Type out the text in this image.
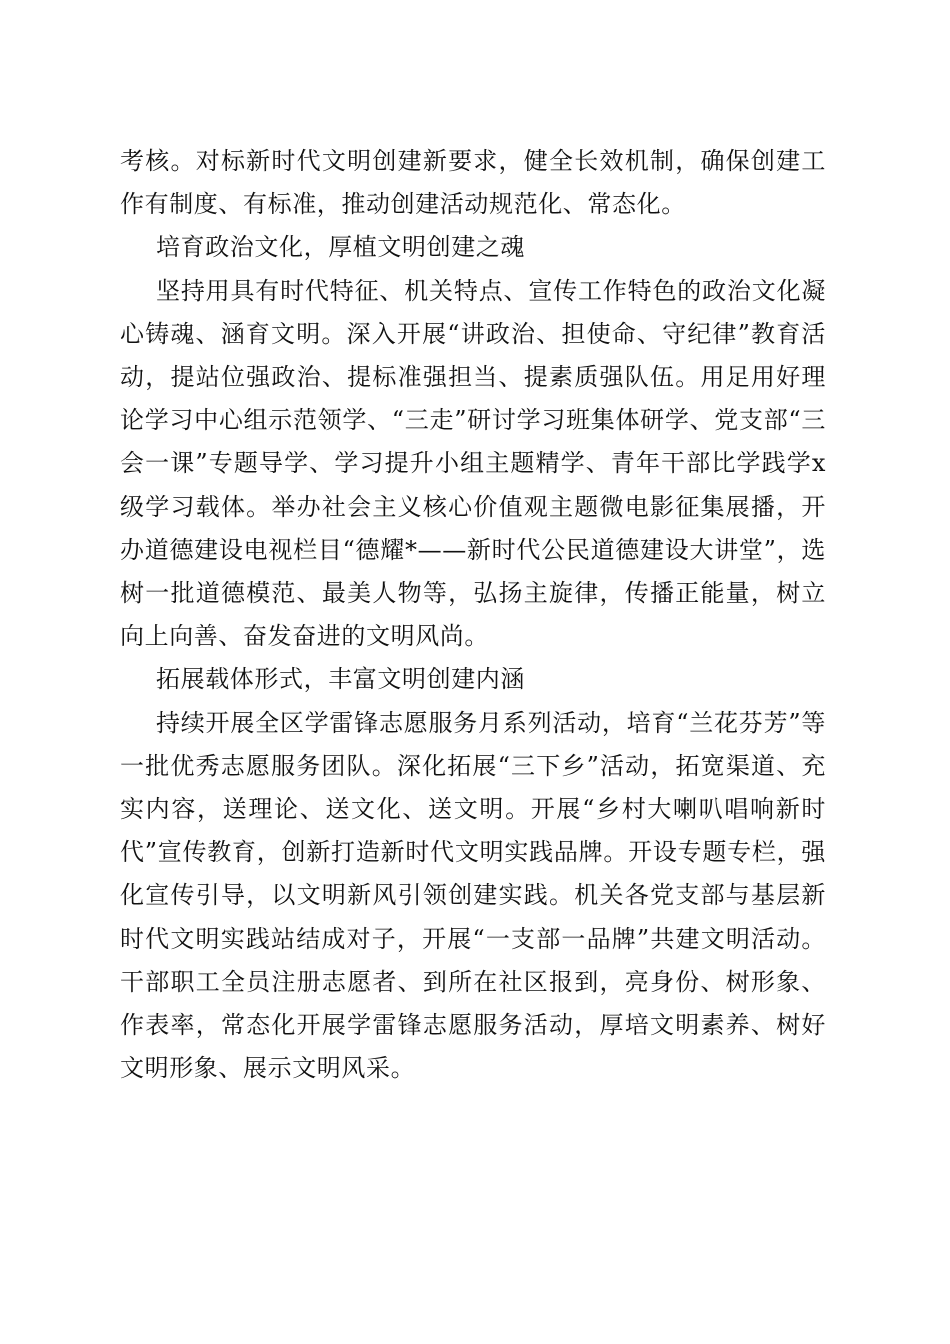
考核。对标新时代文明创建新要求，健全长效机制，确保创建工作有制度、有标准，推动创建活动规范化、常态化。

培育政治文化，厚植文明创建之魂

坚持用具有时代特征、机关特点、宣传工作特色的政治文化凝心铸魂、涵育文明。深入开展“讲政治、担使命、守纪律”教育活动，提站位强政治、提标准强担当、提素质强队伍。用足用好理论学习中心组示范领学、“三走”研讨学习班集体研学、党支部“三会一课”专题导学、学习提升小组主题精学、青年干部比学践学x级学习载体。举办社会主义核心价值观主题微电影征集展播，开办道德建设电视栏目“德耀*——新时代公民道德建设大讲堂”，选树一批道德模范、最美人物等，弘扬主旋律，传播正能量，树立向上向善、奋发奋进的文明风尚。

拓展载体形式，丰富文明创建内涵

持续开展全区学雷锋志愿服务月系列活动，培育“兰花芬芳”等一批优秀志愿服务团队。深化拓展“三下乡”活动，拓宽渠道、充实内容，送理论、送文化、送文明。开展“乡村大喇叭唱响新时代”宣传教育，创新打造新时代文明实践品牌。开设专题专栏，强化宣传引导，以文明新风引领创建实践。机关各党支部与基层新时代文明实践站结成对子，开展“一支部一品牌”共建文明活动。干部职工全员注册志愿者、到所在社区报到，亮身份、树形象、作表率，常态化开展学雷锋志愿服务活动，厚培文明素养、树好文明形象、展示文明风采。
